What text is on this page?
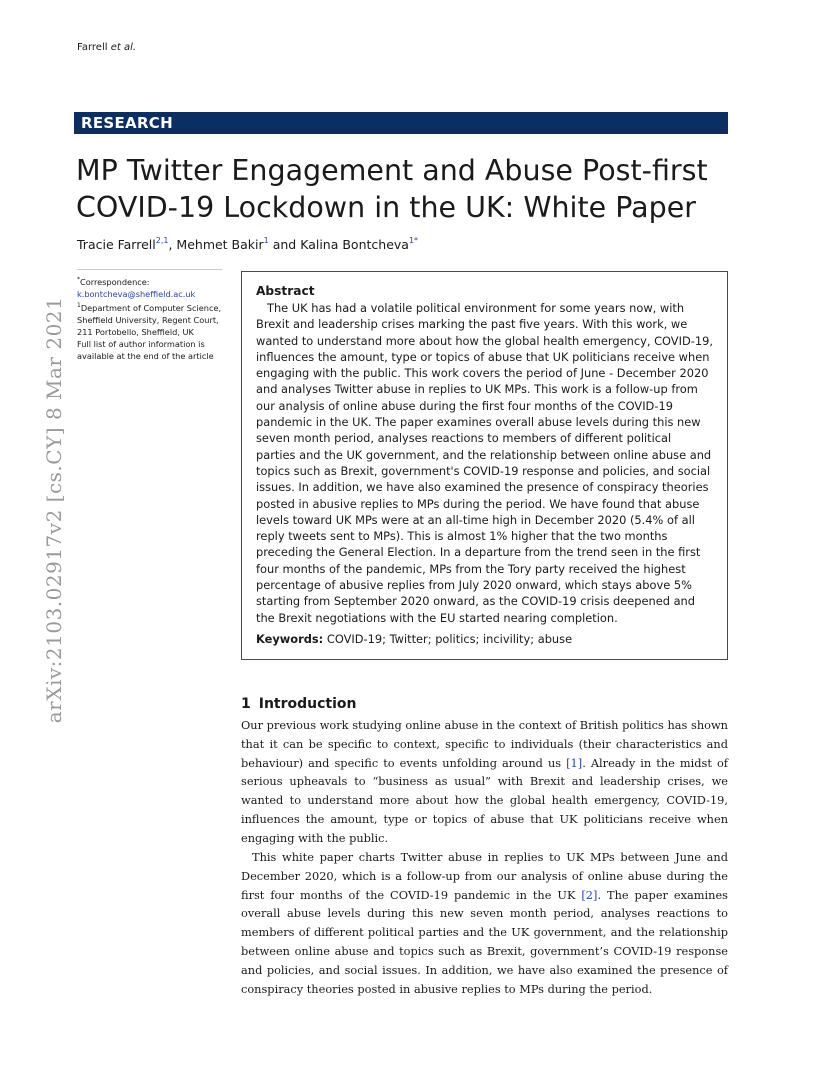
Farrell et al.
RESEARCH
MP Twitter Engagement and Abuse Post-first COVID-19 Lockdown in the UK: White Paper
Tracie Farrell$^{2,1}$, Mehmet Bakir$^1$ and Kalina Bontcheva$^{1*}$
*Correspondence:
k.bontcheva@sheffield.ac.uk
$^1$Department of Computer Science, Sheffield University, Regent Court, 211 Portobello, Sheffield, UK
Full list of author information is available at the end of the article
arXiv:2103.02917v2 [cs.CY] 8 Mar 2021
Abstract

The UK has had a volatile political environment for some years now, with Brexit and leadership crises marking the past five years. With this work, we wanted to understand more about how the global health emergency, COVID-19, influences the amount, type or topics of abuse that UK politicians receive when engaging with the public. This work covers the period of June - December 2020 and analyses Twitter abuse in replies to UK MPs. This work is a follow-up from our analysis of online abuse during the first four months of the COVID-19 pandemic in the UK. The paper examines overall abuse levels during this new seven month period, analyses reactions to members of different political parties and the UK government, and the relationship between online abuse and topics such as Brexit, government's COVID-19 response and policies, and social issues. In addition, we have also examined the presence of conspiracy theories posted in abusive replies to MPs during the period. We have found that abuse levels toward UK MPs were at an all-time high in December 2020 (5.4% of all reply tweets sent to MPs). This is almost 1% higher that the two months preceding the General Election. In a departure from the trend seen in the first four months of the pandemic, MPs from the Tory party received the highest percentage of abusive replies from July 2020 onward, which stays above 5% starting from September 2020 onward, as the COVID-19 crisis deepened and the Brexit negotiations with the EU started nearing completion.

Keywords: COVID-19; Twitter; politics; incivility; abuse
1 Introduction

Our previous work studying online abuse in the context of British politics has shown that it can be specific to context, specific to individuals (their characteristics and behaviour) and specific to events unfolding around us [1]. Already in the midst of serious upheavals to “business as usual” with Brexit and leadership crises, we wanted to understand more about how the global health emergency, COVID-19, influences the amount, type or topics of abuse that UK politicians receive when engaging with the public.

This white paper charts Twitter abuse in replies to UK MPs between June and December 2020, which is a follow-up from our analysis of online abuse during the first four months of the COVID-19 pandemic in the UK [2]. The paper examines overall abuse levels during this new seven month period, analyses reactions to members of different political parties and the UK government, and the relationship between online abuse and topics such as Brexit, government’s COVID-19 response and policies, and social issues. In addition, we have also examined the presence of conspiracy theories posted in abusive replies to MPs during the period.
